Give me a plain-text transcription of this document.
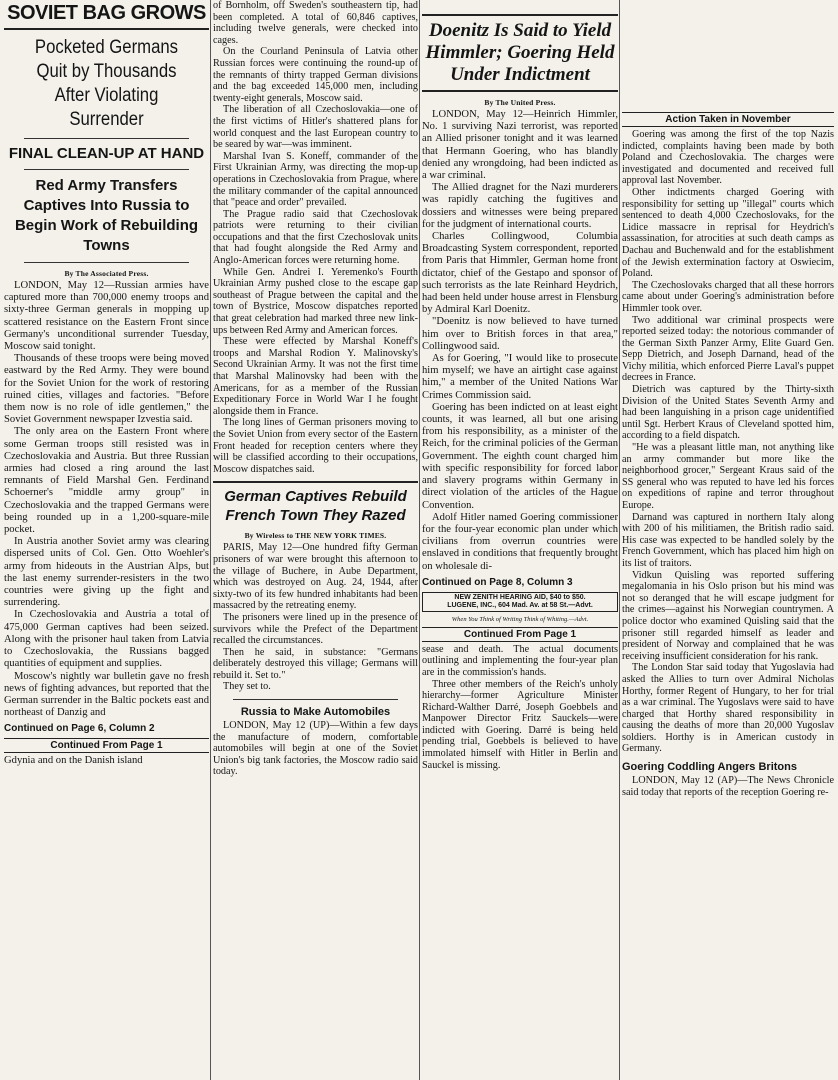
SOVIET BAG GROWS
Pocketed Germans Quit by Thousands After Violating Surrender
FINAL CLEAN-UP AT HAND
Red Army Transfers Captives Into Russia to Begin Work of Rebuilding Towns
By The Associated Press.

LONDON, May 12—Russian armies have captured more than 700,000 enemy troops and sixty-three German generals in mopping up scattered resistance on the Eastern Front since Germany's unconditional surrender Tuesday, Moscow said tonight.

Thousands of these troops were being moved eastward by the Red Army. They were bound for the Soviet Union for the work of restoring ruined cities, villages and factories. "Before them now is no role of idle gentlemen," the Soviet Government newspaper Izvestia said.

The only area on the Eastern Front where some German troops still resisted was in Czechoslovakia and Austria. But three Russian armies had closed a ring around the last remnants of Field Marshal Gen. Ferdinand Schoerner's "middle army group" in Czechoslovakia and the trapped Germans were being rounded up in a 1,200-square-mile pocket.

In Austria another Soviet army was clearing dispersed units of Col. Gen. Otto Woehler's army from hideouts in the Austrian Alps, but the last enemy surrender-resisters in the two countries were giving up the fight and surrendering.

In Czechoslovakia and Austria a total of 475,000 German captives had been seized. Along with the prisoner haul taken from Latvia to Czechoslovakia, the Russians bagged quantities of equipment and supplies.

Moscow's nightly war bulletin gave no fresh news of fighting advances, but reported that the German surrender in the Baltic pockets east and northeast of Danzig and

Continued on Page 6, Column 2
Continued From Page 1

Gdynia and on the Danish island

of Bornholm, off Sweden's southeastern tip, had been completed. A total of 60,846 captives, including twelve generals, were checked into cages.

On the Courland Peninsula of Latvia other Russian forces were continuing the round-up of the remnants of thirty trapped German divisions and the bag exceeded 145,000 men, including twenty-eight generals, Moscow said.

The liberation of all Czechoslovakia—one of the first victims of Hitler's shattered plans for world conquest and the last European country to be seared by war—was imminent.

Marshal Ivan S. Koneff, commander of the First Ukrainian Army, was directing the mop-up operations in Czechoslovakia from Prague, where the military commander of the capital announced that "peace and order" prevailed.

The Prague radio said that Czechoslovak patriots were returning to their civilian occupations and that the first Czechoslovak units that had fought alongside the Red Army and Anglo-American forces were returning home.

While Gen. Andrei I. Yeremenko's Fourth Ukrainian Army pushed close to the escape gap southeast of Prague between the capital and the town of Bystrice, Moscow dispatches reported that great celebration had marked three new link-ups between Red Army and American forces.

These were effected by Marshal Koneff's troops and Marshal Rodion Y. Malinovsky's Second Ukrainian Army. It was not the first time that Marshal Malinovsky had been with the Americans, for as a member of the Russian Expeditionary Force in World War I he fought alongside them in France.

The long lines of German prisoners moving to the Soviet Union from every sector of the Eastern Front headed for reception centers where they will be classified according to their occupations, Moscow dispatches said.

German Captives Rebuild French Town They Razed
By Wireless to THE NEW YORK TIMES.

PARIS, May 12—One hundred fifty German prisoners of war were brought this afternoon to the village of Buchere, in Aube Department, which was destroyed on Aug. 24, 1944, after sixty-two of its few hundred inhabitants had been massacred by the retreating enemy.

The prisoners were lined up in the presence of survivors while the Prefect of the Department recalled the circumstances.

Then he said, in substance: "Germans deliberately destroyed this village; Germans will rebuild it. Set to."

They set to.

Russia to Make Automobiles

LONDON, May 12 (UP)—Within a few days the manufacture of modern, comfortable automobiles will begin at one of the Soviet Union's big tank factories, the Moscow radio said today.

Doenitz Is Said to Yield Himmler; Goering Held Under Indictment
By The United Press.

LONDON, May 12—Heinrich Himmler, No. 1 surviving Nazi terrorist, was reported an Allied prisoner tonight and it was learned that Hermann Goering, who has blandly denied any wrongdoing, had been indicted as a war criminal.

The Allied dragnet for the Nazi murderers was rapidly catching the fugitives and dossiers and witnesses were being prepared for the judgment of international courts.

Charles Collingwood, Columbia Broadcasting System correspondent, reported from Paris that Himmler, German home front dictator, chief of the Gestapo and sponsor of such terrorists as the late Reinhard Heydrich, had been held under house arrest in Flensburg by Admiral Karl Doenitz.

"Doenitz is now believed to have turned him over to British forces in that area," Collingwood said.

As for Goering, "I would like to prosecute him myself; we have an airtight case against him," a member of the United Nations War Crimes Commission said.

Goering has been indicted on at least eight counts, it was learned, all but one arising from his responsibility, as a minister of the Reich, for the criminal policies of the German Government. The eighth count charged him with specific responsibility for forced labor and slavery programs within Germany in direct violation of the articles of the Hague Convention.

Adolf Hitler named Goering commissioner for the four-year economic plan under which civilians from overrun countries were enslaved in conditions that frequently brought on wholesale di-

Continued on Page 8, Column 3
NEW ZENITH HEARING AID, $40 to $50.
LUGENE, INC., 604 Mad. Av. at 58 St.—Advt.
When You Think of Writing Think of Whiting.—Advt.
Continued From Page 1

sease and death. The actual documents outlining and implementing the four-year plan are in the commission's hands.

Three other members of the Reich's unholy hierarchy—former Agriculture Minister Richard-Walther Darré, Joseph Goebbels and Manpower Director Fritz Sauckels—were indicted with Goering. Darré is being held pending trial, Goebbels is believed to have immolated himself with Hitler in Berlin and Sauckel is missing.

Action Taken in November

Goering was among the first of the top Nazis indicted, complaints having been made by both Poland and Czechoslovakia. The charges were investigated and documented and received full approval last November.

Other indictments charged Goering with responsibility for setting up "illegal" courts which sentenced to death 4,000 Czechoslovaks, for the Lidice massacre in reprisal for Heydrich's assassination, for atrocities at such death camps as Dachau and Buchenwald and for the establishment of the Jewish extermination factory at Oswiecim, Poland.

The Czechoslovaks charged that all these horrors came about under Goering's administration before Himmler took over.

Two additional war criminal prospects were reported seized today: the notorious commander of the German Sixth Panzer Army, Elite Guard Gen. Sepp Dietrich, and Joseph Darnand, head of the Vichy militia, which enforced Pierre Laval's puppet decrees in France.

Dietrich was captured by the Thirty-sixth Division of the United States Seventh Army and had been languishing in a prison cage unidentified until Sgt. Herbert Kraus of Cleveland spotted him, according to a field dispatch.

"He was a pleasant little man, not anything like an army commander but more like the neighborhood grocer," Sergeant Kraus said of the SS general who was reputed to have led his forces on expeditions of rapine and terror throughout Europe.

Darnand was captured in northern Italy along with 200 of his militiamen, the British radio said. His case was expected to be handled solely by the French Government, which has placed him high on its list of traitors.

Vidkun Quisling was reported suffering megalomania in his Oslo prison but his mind was not so deranged that he will escape judgment for the crimes—against his Norwegian countrymen. A police doctor who examined Quisling said that the prisoner still regarded himself as leader and president of Norway and complained that he was receiving insufficient consideration for his rank.

The London Star said today that Yugoslavia had asked the Allies to turn over Admiral Nicholas Horthy, former Regent of Hungary, to her for trial as a war criminal. The Yugoslavs were said to have charged that Horthy shared responsibility in causing the deaths of more than 20,000 Yugoslav soldiers. Horthy is in American custody in Germany.

Goering Coddling Angers Britons

LONDON, May 12 (AP)—The News Chronicle said today that reports of the reception Goering re-
